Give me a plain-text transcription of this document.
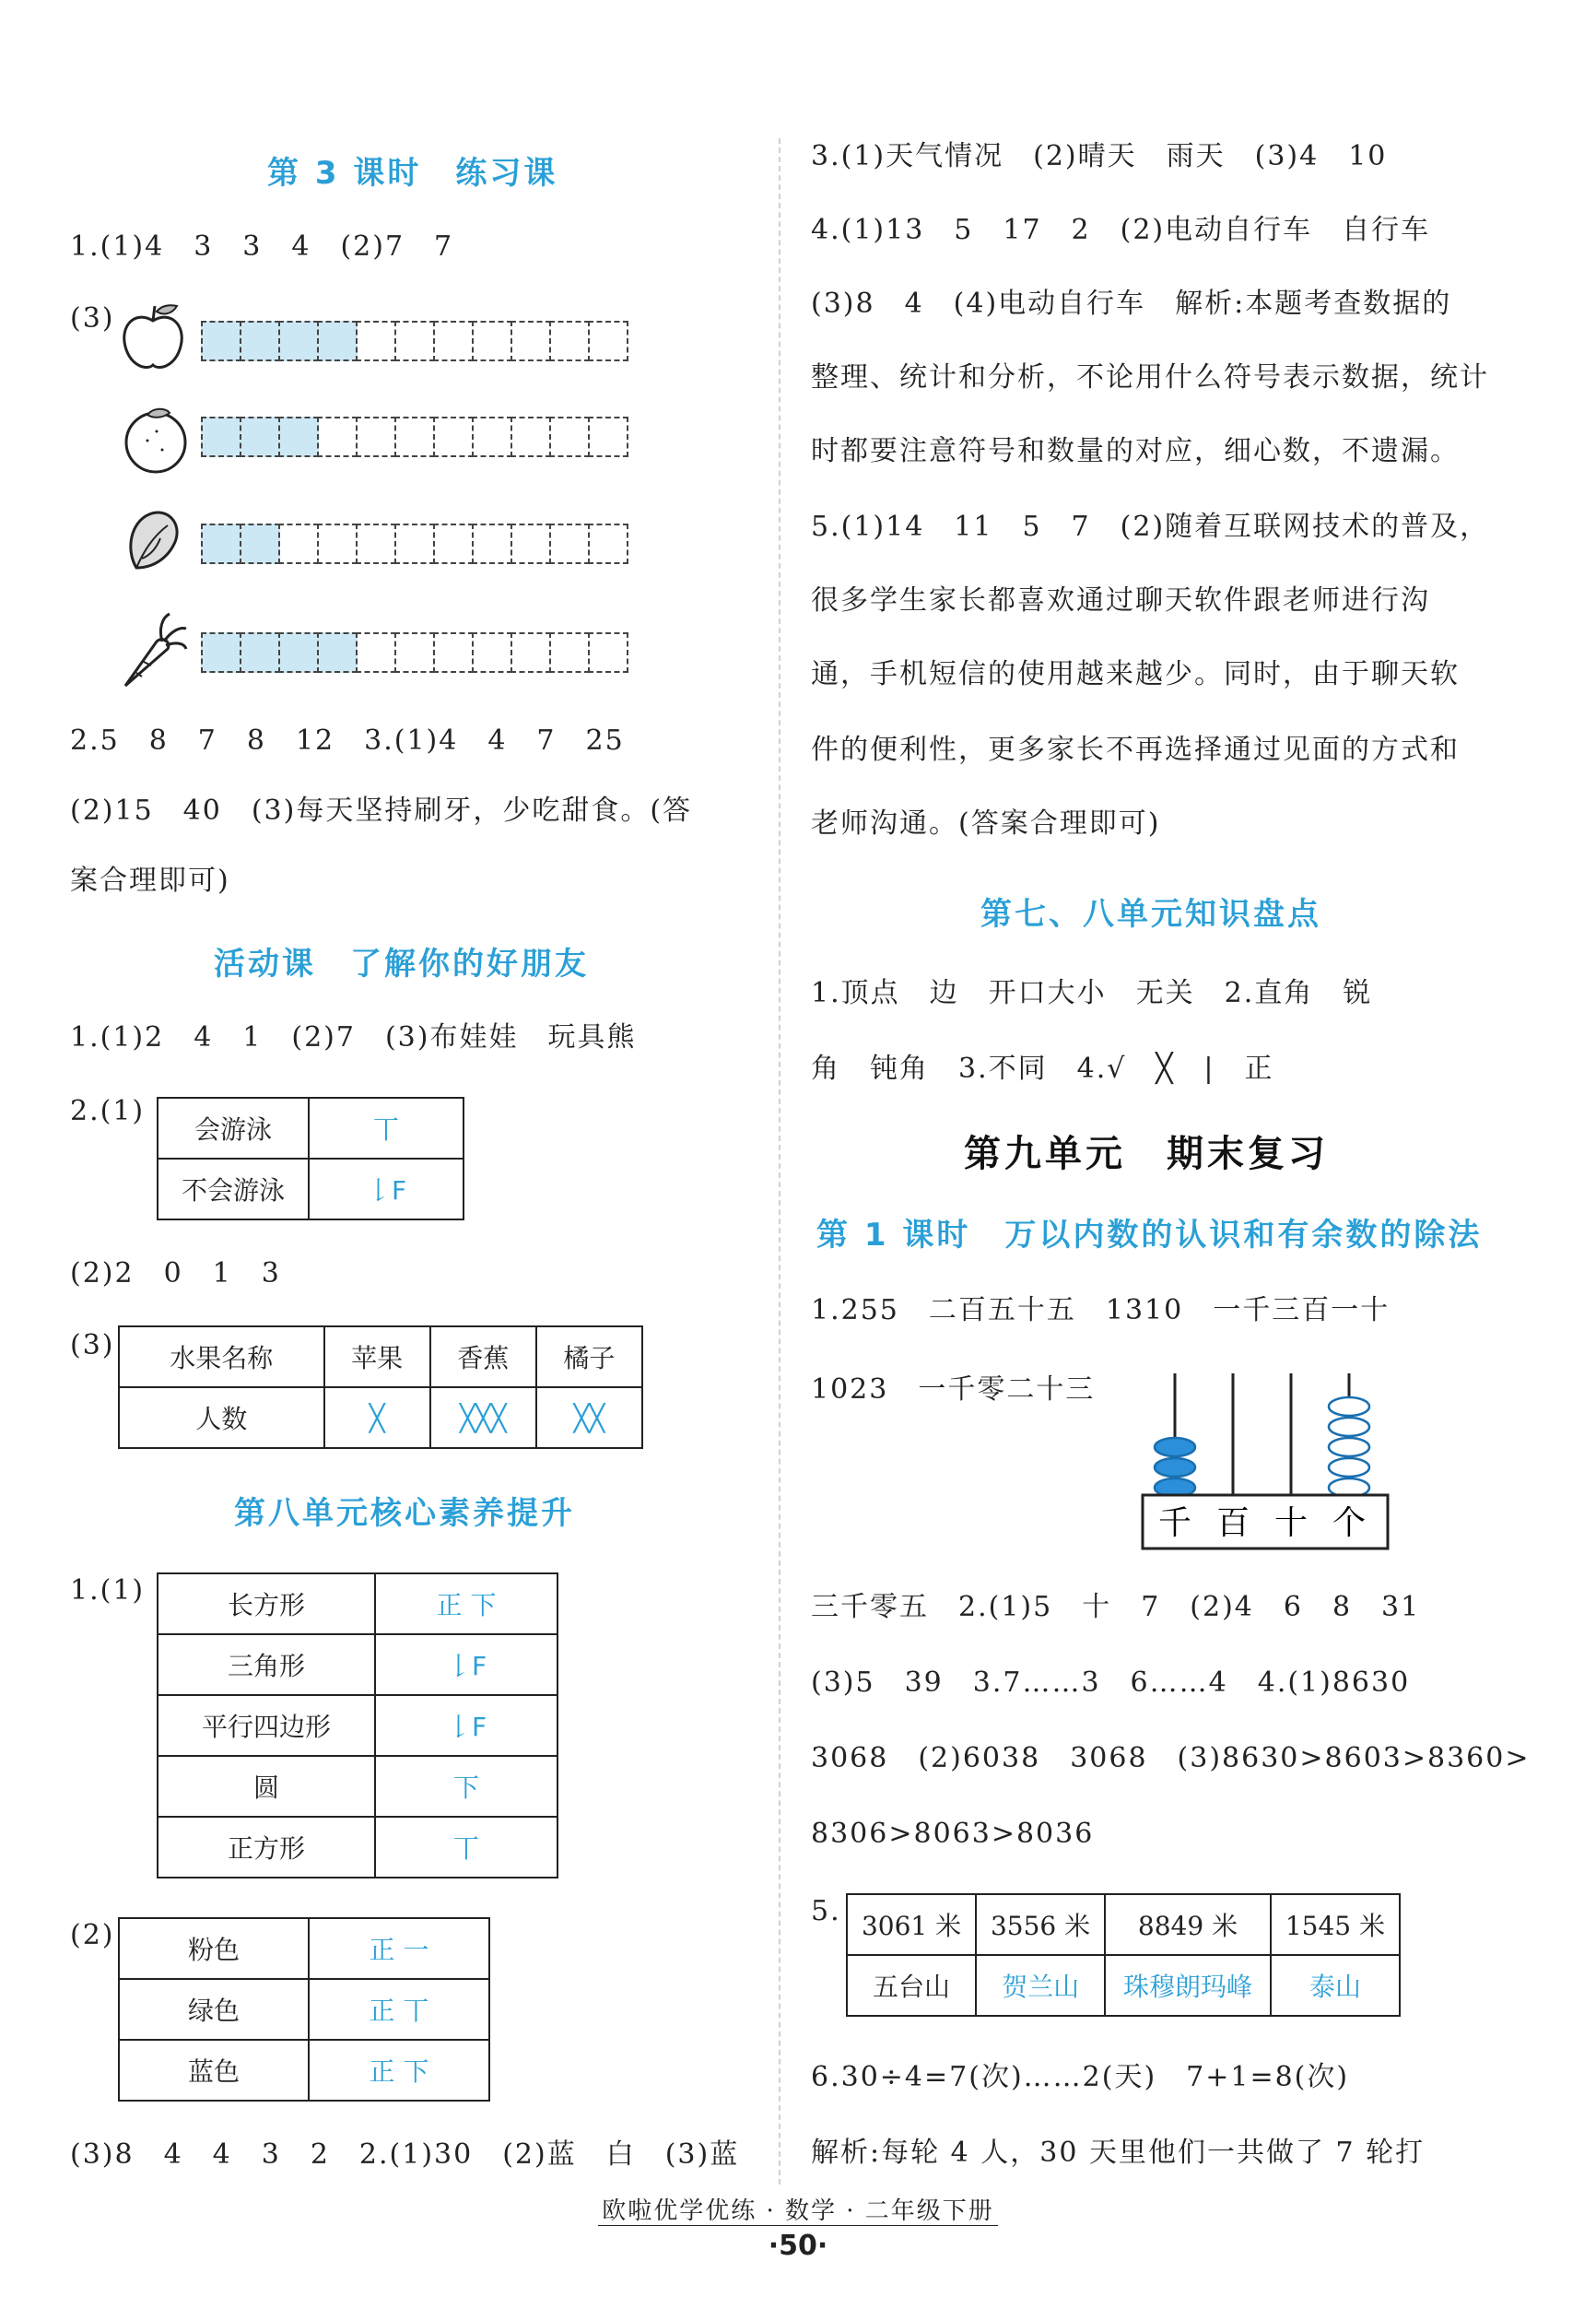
第 3 课时　练习课
1.(1)4　3　3　4　(2)7　7
(3)
2.5　8　7　8　12　3.(1)4　4　7　25
(2)15　40　(3)每天坚持刷牙，少吃甜食。(答
案合理即可)
活动课　了解你的好朋友
1.(1)2　4　1　(2)7　(3)布娃娃　玩具熊
2.(1)
会游泳	丅
不会游泳	𠄌F
(2)2　0　1　3
(3) 水果名称	苹果	香蕉	橘子
人数	╳	╳╳╳	╳╳
第八单元核心素养提升
1.(1)	长方形	正 下
三角形	𠄌F
平行四边形	𠄌F
圆	下
正方形	丅
(2)	粉色	正 一
绿色	正 丅
蓝色	正 下
(3)8　4　4　3　2　2.(1)30　(2)蓝　白　(3)蓝
3.(1)天气情况　(2)晴天　雨天　(3)4　10
4.(1)13　5　17　2　(2)电动自行车　自行车
(3)8　4　(4)电动自行车　解析:本题考查数据的
整理、统计和分析，不论用什么符号表示数据，统计
时都要注意符号和数量的对应，细心数，不遗漏。
5.(1)14　11　5　7　(2)随着互联网技术的普及，
很多学生家长都喜欢通过聊天软件跟老师进行沟
通，手机短信的使用越来越少。同时，由于聊天软
件的便利性，更多家长不再选择通过见面的方式和
老师沟通。(答案合理即可)
第七、八单元知识盘点
1.顶点　边　开口大小　无关　2.直角　锐
角　钝角　3.不同　4.√　╳　|　正
第九单元　期末复习
第 1 课时　万以内数的认识和有余数的除法
1.255　二百五十五　1310　一千三百一十
1023　一千零二十三
千 百 十 个
三千零五　2.(1)5　十　7　(2)4　6　8　31
(3)5　39　3.7……3　6……4　4.(1)8630
3068　(2)6038　3068　(3)8630>8603>8360>
8306>8063>8036
5. 3061 米	3556 米	8849 米	1545 米
五台山	贺兰山	珠穆朗玛峰	泰山
6.30÷4=7(次)……2(天)　7+1=8(次)
解析:每轮 4 人，30 天里他们一共做了 7 轮打
欧啦优学优练 · 数学 · 二年级下册
·50·
